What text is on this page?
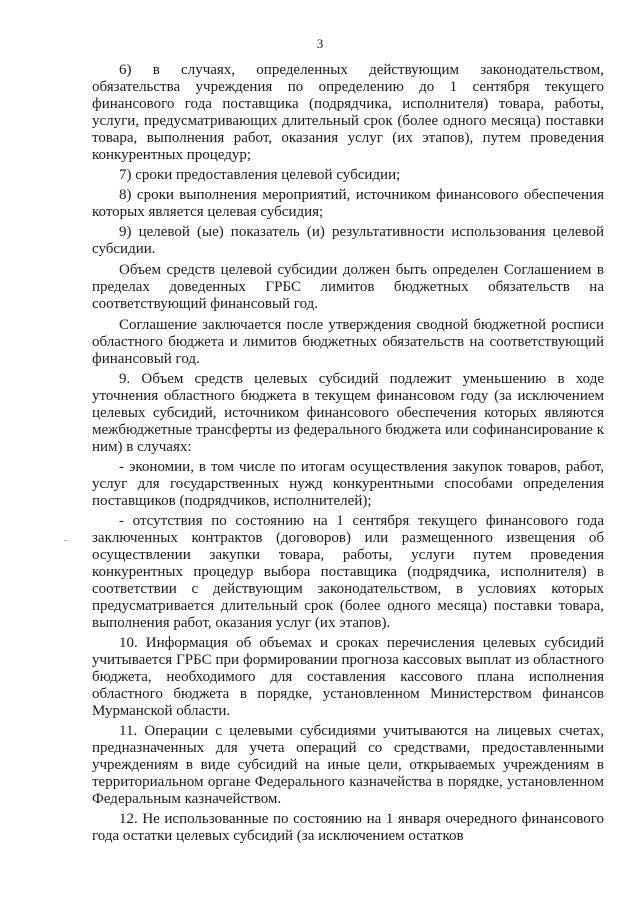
3
-

6) в случаях, определенных действующим законодательством, обязательства учреждения по определению до 1 сентября текущего финансового года поставщика (подрядчика, исполнителя) товара, работы, услуги, предусматривающих длительный срок (более одного месяца) поставки товара, выполнения работ, оказания услуг (их этапов), путем проведения конкурентных процедур;

7) сроки предоставления целевой субсидии;

8) сроки выполнения мероприятий, источником финансового обеспечения которых является целевая субсидия;

9) целевой (ые) показатель (и) результативности использования целевой субсидии.

Объем средств целевой субсидии должен быть определен Соглашением в пределах доведенных ГРБС лимитов бюджетных обязательств на соответствующий финансовый год.

Соглашение заключается после утверждения сводной бюджетной росписи областного бюджета и лимитов бюджетных обязательств на соответствующий финансовый год.

9. Объем средств целевых субсидий подлежит уменьшению в ходе уточнения областного бюджета в текущем финансовом году (за исключением целевых субсидий, источником финансового обеспечения которых являются межбюджетные трансферты из федерального бюджета или софинансирование к ним) в случаях:

- экономии, в том числе по итогам осуществления закупок товаров, работ, услуг для государственных нужд конкурентными способами определения поставщиков (подрядчиков, исполнителей);

- отсутствия по состоянию на 1 сентября текущего финансового года заключенных контрактов (договоров) или размещенного извещения об осуществлении закупки товара, работы, услуги путем проведения конкурентных процедур выбора поставщика (подрядчика, исполнителя) в соответствии с действующим законодательством, в условиях которых предусматривается длительный срок (более одного месяца) поставки товара, выполнения работ, оказания услуг (их этапов).

10. Информация об объемах и сроках перечисления целевых субсидий учитывается ГРБС при формировании прогноза кассовых выплат из областного бюджета, необходимого для составления кассового плана исполнения областного бюджета в порядке, установленном Министерством финансов Мурманской области.

11. Операции с целевыми субсидиями учитываются на лицевых счетах, предназначенных для учета операций со средствами, предоставленными учреждениям в виде субсидий на иные цели, открываемых учреждениям в территориальном органе Федерального казначейства в порядке, установленном Федеральным казначейством.

12. Не использованные по состоянию на 1 января очередного финансового года остатки целевых субсидий (за исключением остатков
